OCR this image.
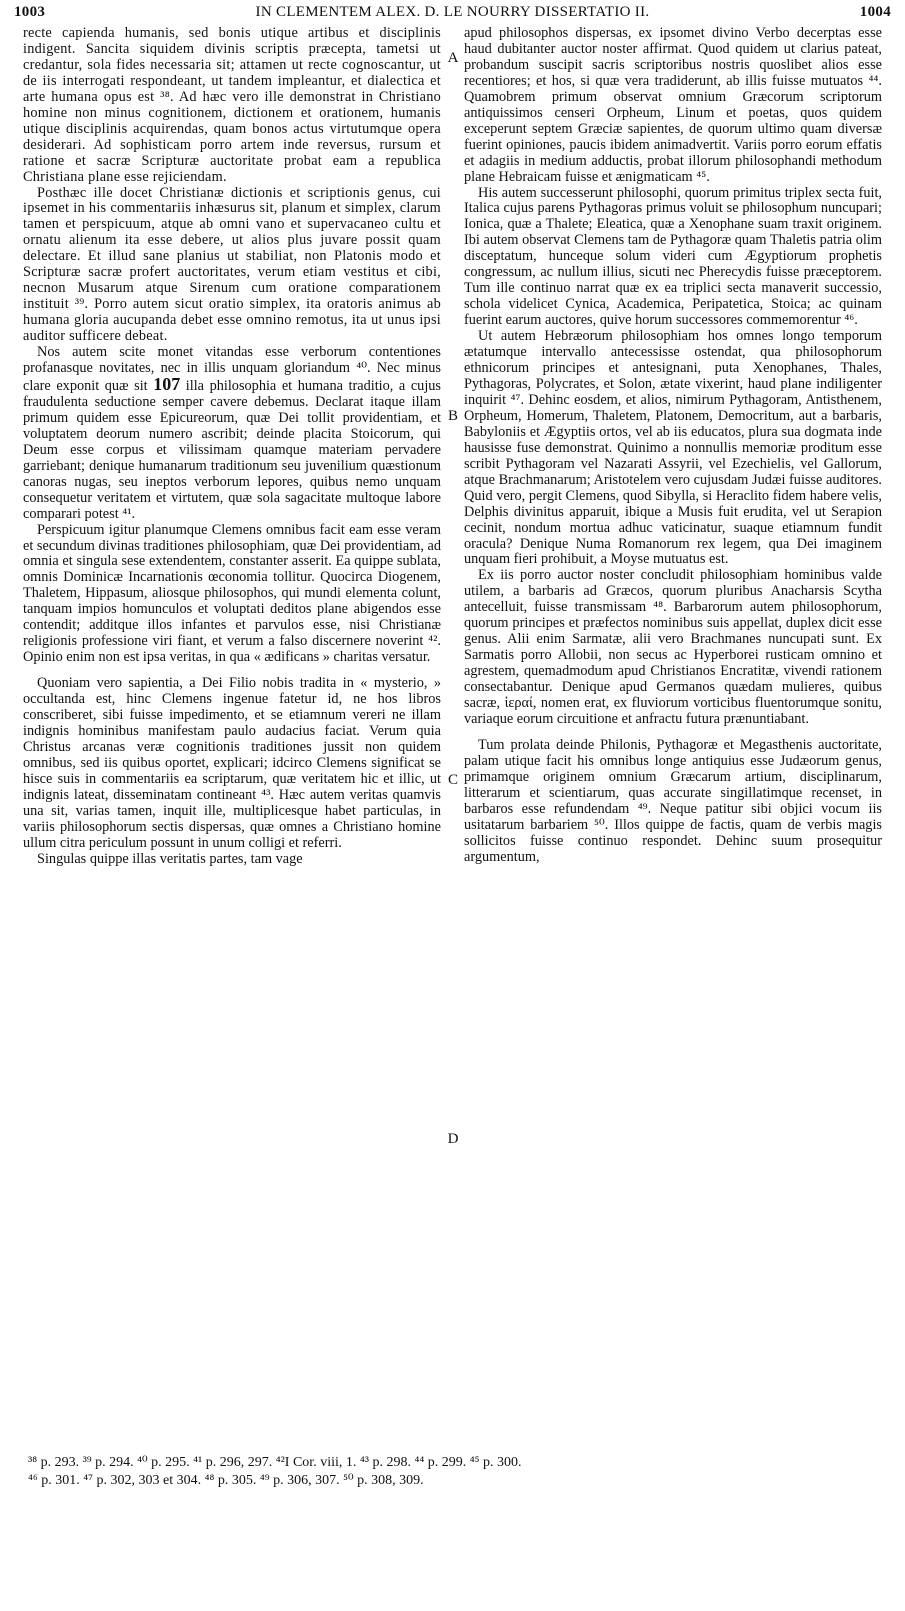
1003	IN CLEMENTEM ALEX. D. LE NOURRY DISSERTATIO II.	1004
A
B
C
D

recte capienda humanis, sed bonis utique artibus et disciplinis indigent. Sancita siquidem divinis scriptis præcepta, tametsi ut credantur, sola fides necessaria sit; attamen ut recte cognoscantur, ut de iis interrogati respondeant, ut tandem impleantur, et dialectica et arte humana opus est ³⁸. Ad hæc vero ille demonstrat in Christiano homine non minus cognitionem, dictionem et orationem, humanis utique disciplinis acquirendas, quam bonos actus virtutumque opera desiderari. Ad sophisticam porro artem inde reversus, rursum et ratione et sacræ Scripturæ auctoritate probat eam a republica Christiana plane esse rejiciendam.

Posthæc ille docet Christianæ dictionis et scriptionis genus, cui ipsemet in his commentariis inhæsurus sit, planum et simplex, clarum tamen et perspicuum, atque ab omni vano et supervacaneo cultu et ornatu alienum ita esse debere, ut alios plus juvare possit quam delectare. Et illud sane planius ut stabiliat, non Platonis modo et Scripturæ sacræ profert auctoritates, verum etiam vestitus et cibi, necnon Musarum atque Sirenum cum oratione comparationem instituit ³⁹. Porro autem sicut oratio simplex, ita oratoris animus ab humana gloria aucupanda debet esse omnino remotus, ita ut unus ipsi auditor sufficere debeat.

Nos autem scite monet vitandas esse verborum contentiones profanasque novitates, nec in illis unquam gloriandum ⁴⁰. Nec minus clare exponit quæ sit 107 illa philosophia et humana traditio, a cujus fraudulenta seductione semper cavere debemus. Declarat itaque illam primum quidem esse Epicureorum, quæ Dei tollit providentiam, et voluptatem deorum numero ascribit; deinde placita Stoicorum, qui Deum esse corpus et vilissimam quamque materiam pervadere garriebant; denique humanarum traditionum seu juvenilium quæstionum canoras nugas, seu ineptos verborum lepores, quibus nemo unquam consequetur veritatem et virtutem, quæ sola sagacitate multoque labore comparari potest ⁴¹.

Perspicuum igitur planumque Clemens omnibus facit eam esse veram et secundum divinas traditiones philosophiam, quæ Dei providentiam, ad omnia et singula sese extendentem, constanter asserit. Ea quippe sublata, omnis Dominicæ Incarnationis œconomia tollitur. Quocirca Diogenem, Thaletem, Hippasum, aliosque philosophos, qui mundi elementa colunt, tanquam impios homunculos et voluptati deditos plane abigendos esse contendit; additque illos infantes et parvulos esse, nisi Christianæ religionis professione viri fiant, et verum a falso discernere noverint ⁴². Opinio enim non est ipsa veritas, in qua « ædificans » charitas versatur.

Quoniam vero sapientia, a Dei Filio nobis tradita in « mysterio, » occultanda est, hinc Clemens ingenue fatetur id, ne hos libros conscriberet, sibi fuisse impedimento, et se etiamnum vereri ne illam indignis hominibus manifestam paulo audacius faciat. Verum quia Christus arcanas veræ cognitionis traditiones jussit non quidem omnibus, sed iis quibus oportet, explicari; idcirco Clemens significat se hisce suis in commentariis ea scriptarum, quæ veritatem hic et illic, ut indignis lateat, disseminatam contineant ⁴³. Hæc autem veritas quamvis una sit, varias tamen, inquit ille, multiplicesque habet particulas, in variis philosophorum sectis dispersas, quæ omnes a Christiano homine ullum citra periculum possunt in unum colligi et referri.

Singulas quippe illas veritatis partes, tam vage

apud philosophos dispersas, ex ipsomet divino Verbo decerptas esse haud dubitanter auctor noster affirmat. Quod quidem ut clarius pateat, probandum suscipit sacris scriptoribus nostris quoslibet alios esse recentiores; et hos, si quæ vera tradiderunt, ab illis fuisse mutuatos ⁴⁴. Quamobrem primum observat omnium Græcorum scriptorum antiquissimos censeri Orpheum, Linum et poetas, quos quidem exceperunt septem Græciæ sapientes, de quorum ultimo quam diversæ fuerint opiniones, paucis ibidem animadvertit. Variis porro eorum effatis et adagiis in medium adductis, probat illorum philosophandi methodum plane Hebraicam fuisse et ænigmaticam ⁴⁵.

His autem successerunt philosophi, quorum primitus triplex secta fuit, Italica cujus parens Pythagoras primus voluit se philosophum nuncupari; Ionica, quæ a Thalete; Eleatica, quæ a Xenophane suam traxit originem. Ibi autem observat Clemens tam de Pythagoræ quam Thaletis patria olim disceptatum, hunceque solum videri cum Ægyptiorum prophetis congressum, ac nullum illius, sicuti nec Pherecydis fuisse præceptorem. Tum ille continuo narrat quæ ex ea triplici secta manaverit successio, schola videlicet Cynica, Academica, Peripatetica, Stoica; ac quinam fuerint earum auctores, quive horum successores commemorentur ⁴⁶.

Ut autem Hebræorum philosophiam hos omnes longo temporum ætatumque intervallo antecessisse ostendat, qua philosophorum ethnicorum principes et antesignani, puta Xenophanes, Thales, Pythagoras, Polycrates, et Solon, ætate vixerint, haud plane indiligenter inquirit ⁴⁷. Dehinc eosdem, et alios, nimirum Pythagoram, Antisthenem, Orpheum, Homerum, Thaletem, Platonem, Democritum, aut a barbaris, Babyloniis et Ægyptiis ortos, vel ab iis educatos, plura sua dogmata inde hausisse fuse demonstrat. Quinimo a nonnullis memoriæ proditum esse scribit Pythagoram vel Nazarati Assyrii, vel Ezechielis, vel Gallorum, atque Brachmanarum; Aristotelem vero cujusdam Judæi fuisse auditores. Quid vero, pergit Clemens, quod Sibylla, si Heraclito fidem habere velis, Delphis divinitus apparuit, ibique a Musis fuit erudita, vel ut Serapion cecinit, nondum mortua adhuc vaticinatur, suaque etiamnum fundit oracula? Denique Numa Romanorum rex legem, qua Dei imaginem unquam fieri prohibuit, a Moyse mutuatus est.

Ex iis porro auctor noster concludit philosophiam hominibus valde utilem, a barbaris ad Græcos, quorum pluribus Anacharsis Scytha antecelluit, fuisse transmissam ⁴⁸. Barbarorum autem philosophorum, quorum principes et præfectos nominibus suis appellat, duplex dicit esse genus. Alii enim Sarmatæ, alii vero Brachmanes nuncupati sunt. Ex Sarmatis porro Allobii, non secus ac Hyperborei rusticam omnino et agrestem, quemadmodum apud Christianos Encratitæ, vivendi rationem consectabantur. Denique apud Germanos quædam mulieres, quibus sacræ, ἱεραί, nomen erat, ex fluviorum vorticibus fluentorumque sonitu, variaque eorum circuitione et anfractu futura prænuntiabant.

Tum prolata deinde Philonis, Pythagoræ et Megasthenis auctoritate, palam utique facit his omnibus longe antiquius esse Judæorum genus, primamque originem omnium Græcarum artium, disciplinarum, litterarum et scientiarum, quas accurate singillatimque recenset, in barbaros esse refundendam ⁴⁹. Neque patitur sibi objici vocum iis usitatarum barbariem ⁵⁰. Illos quippe de factis, quam de verbis magis sollicitos fuisse continuo respondet. Dehinc suum prosequitur argumentum,

³⁸ p. 293. ³⁹ p. 294. ⁴⁰ p. 295. ⁴¹ p. 296, 297. ⁴²I Cor. viii, 1. ⁴³ p. 298. ⁴⁴ p. 299. ⁴⁵ p. 300.
⁴⁶ p. 301. ⁴⁷ p. 302, 303 et 304. ⁴⁸ p. 305. ⁴⁹ p. 306, 307. ⁵⁰ p. 308, 309.
